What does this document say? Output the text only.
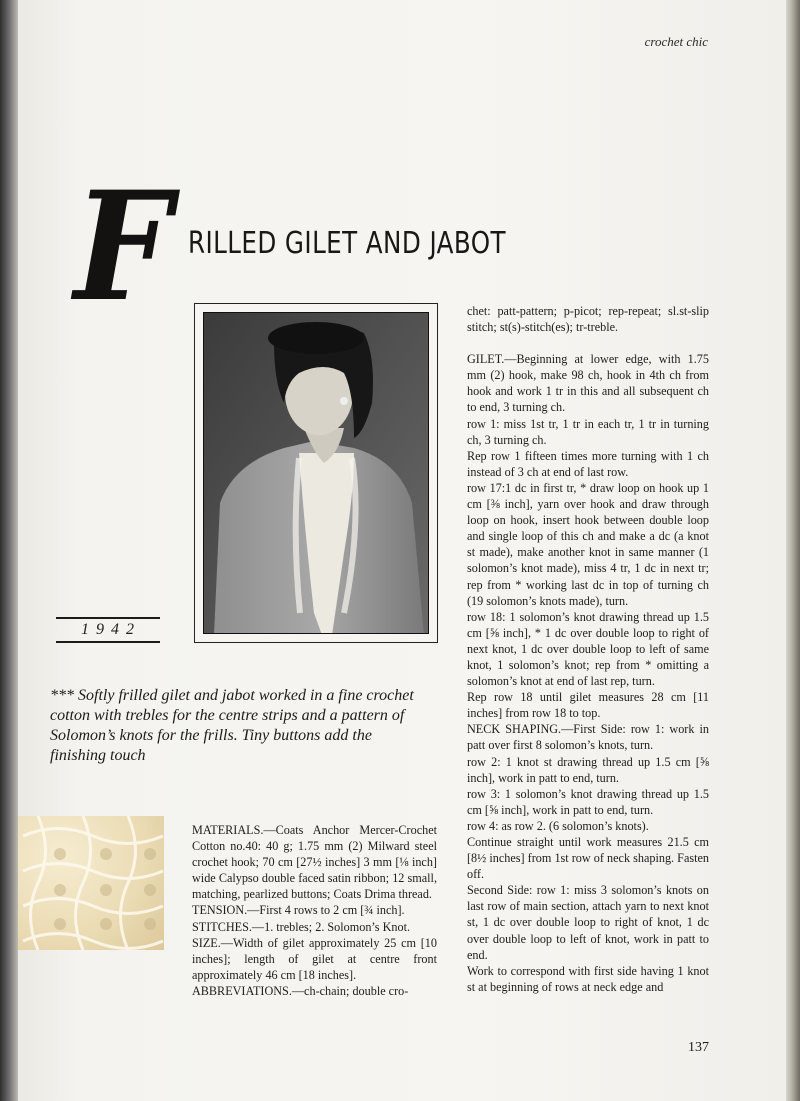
crochet chic
F RILLED GILET AND JABOT
1942
*** Softly frilled gilet and jabot worked in a fine crochet cotton with trebles for the centre strips and a pattern of Solomon’s knots for the frills. Tiny buttons add the finishing touch

MATERIALS.—Coats Anchor Mercer-Crochet Cotton no.40: 40 g; 1.75 mm (2) Milward steel crochet hook; 70 cm [27½ inches] 3 mm [⅛ inch] wide Calypso double faced satin ribbon; 12 small, matching, pearlized buttons; Coats Drima thread.

TENSION.—First 4 rows to 2 cm [¾ inch].

STITCHES.—1. trebles; 2. Solomon’s Knot.

SIZE.—Width of gilet approximately 25 cm [10 inches]; length of gilet at centre front approximately 46 cm [18 inches].

ABBREVIATIONS.—ch-chain; double cro-

chet: patt-pattern; p-picot; rep-repeat; sl.st-slip stitch; st(s)-stitch(es); tr-treble.

GILET.—Beginning at lower edge, with 1.75 mm (2) hook, make 98 ch, hook in 4th ch from hook and work 1 tr in this and all subsequent ch to end, 3 turning ch.

row 1: miss 1st tr, 1 tr in each tr, 1 tr in turning ch, 3 turning ch.

Rep row 1 fifteen times more turning with 1 ch instead of 3 ch at end of last row.

row 17:1 dc in first tr, * draw loop on hook up 1 cm [⅜ inch], yarn over hook and draw through loop on hook, insert hook between double loop and single loop of this ch and make a dc (a knot st made), make another knot in same manner (1 solomon’s knot made), miss 4 tr, 1 dc in next tr; rep from * working last dc in top of turning ch (19 solomon’s knots made), turn.

row 18: 1 solomon’s knot drawing thread up 1.5 cm [⅝ inch], * 1 dc over double loop to right of next knot, 1 dc over double loop to left of same knot, 1 solomon’s knot; rep from * omitting a solomon’s knot at end of last rep, turn.

Rep row 18 until gilet measures 28 cm [11 inches] from row 18 to top.

NECK SHAPING.—First Side: row 1: work in patt over first 8 solomon’s knots, turn.

row 2: 1 knot st drawing thread up 1.5 cm [⅝ inch], work in patt to end, turn.

row 3: 1 solomon’s knot drawing thread up 1.5 cm [⅝ inch], work in patt to end, turn.

row 4: as row 2. (6 solomon’s knots).

Continue straight until work measures 21.5 cm [8½ inches] from 1st row of neck shaping. Fasten off.

Second Side: row 1: miss 3 solomon’s knots on last row of main section, attach yarn to next knot st, 1 dc over double loop to right of knot, 1 dc over double loop to left of knot, work in patt to end.

Work to correspond with first side having 1 knot st at beginning of rows at neck edge and

137
